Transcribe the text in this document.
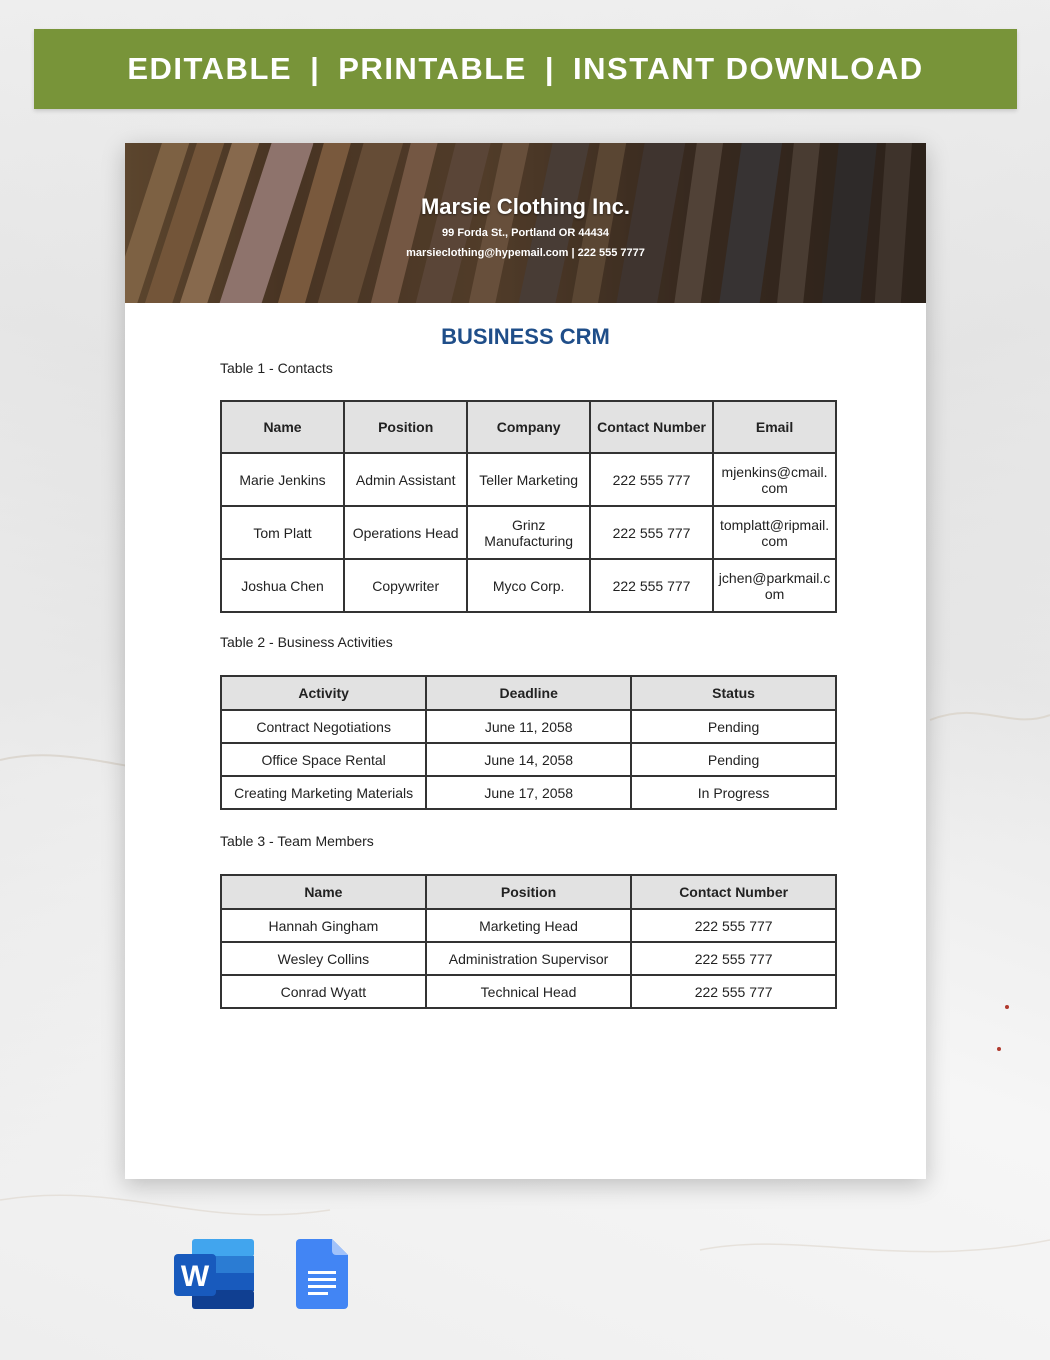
EDITABLE | PRINTABLE | INSTANT DOWNLOAD
Marsie Clothing Inc.
99 Forda St., Portland OR 44434
marsieclothing@hypemail.com | 222 555 7777
BUSINESS CRM
Table 1 - Contacts
Name	Position	Company	Contact Number	Email
Marie Jenkins	Admin Assistant	Teller Marketing	222 555 777	mjenkins@cmail.com
Tom Platt	Operations Head	Grinz Manufacturing	222 555 777	tomplatt@ripmail.com
Joshua Chen	Copywriter	Myco Corp.	222 555 777	jchen@parkmail.com
Table 2 - Business Activities
Activity	Deadline	Status
Contract Negotiations	June 11, 2058	Pending
Office Space Rental	June 14, 2058	Pending
Creating Marketing Materials	June 17, 2058	In Progress
Table 3 - Team Members
Name	Position	Contact Number
Hannah Gingham	Marketing Head	222 555 777
Wesley Collins	Administration Supervisor	222 555 777
Conrad Wyatt	Technical Head	222 555 777
W
